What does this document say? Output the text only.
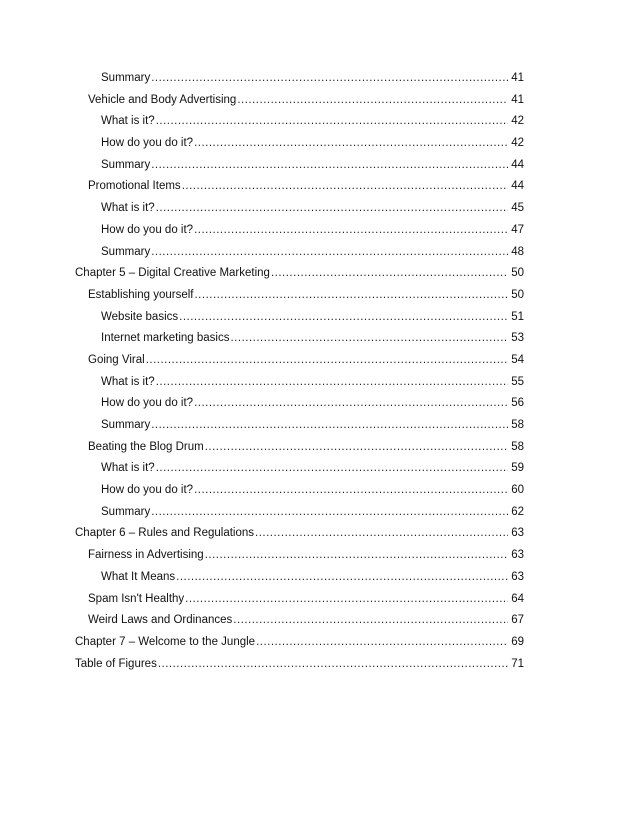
Summary .....	41
Vehicle and Body Advertising .....	41
What is it? .....	42
How do you do it? .....	42
Summary .....	44
Promotional Items .....	44
What is it? .....	45
How do you do it? .....	47
Summary .....	48
Chapter 5 – Digital Creative Marketing .....	50
Establishing yourself .....	50
Website basics .....	51
Internet marketing basics .....	53
Going Viral .....	54
What is it? .....	55
How do you do it? .....	56
Summary .....	58
Beating the Blog Drum .....	58
What is it? .....	59
How do you do it? .....	60
Summary .....	62
Chapter 6 – Rules and Regulations .....	63
Fairness in Advertising .....	63
What It Means .....	63
Spam Isn't Healthy .....	64
Weird Laws and Ordinances .....	67
Chapter 7 – Welcome to the Jungle .....	69
Table of Figures .....	71
